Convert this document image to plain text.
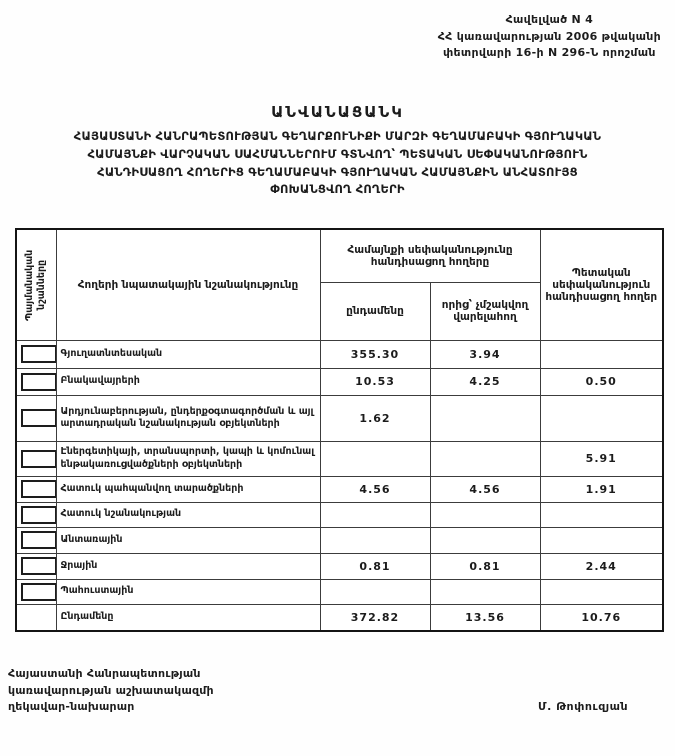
Հավելված N 4
ՀՀ կառավարության 2006 թվականի
փետրվարի 16-ի N 296-Ն որոշման
ԱՆՎԱՆԱՑԱՆԿ
ՀԱՅԱՍՏԱՆԻ ՀԱՆՐԱՊԵՏՈՒԹՅԱՆ ԳԵՂԱՐՔՈՒՆԻՔԻ ՄԱՐԶԻ ԳԵՂԱՄԱԲԱԿԻ ԳՅՈՒՂԱԿԱՆ
ՀԱՄԱՅՆՔԻ ՎԱՐՉԱԿԱՆ ՍԱՀՄԱՆՆԵՐՈՒՄ ԳՏՆՎՈՂ՝ ՊԵՏԱԿԱՆ ՍԵՓԱԿԱՆՈՒԹՅՈՒՆ
ՀԱՆԴԻՍԱՑՈՂ ՀՈՂԵՐԻՑ ԳԵՂԱՄԱԲԱԿԻ ԳՅՈՒՂԱԿԱՆ ՀԱՄԱՅՆՔԻՆ ԱՆՀԱՏՈՒՅՑ
ՓՈԽԱՆՑՎՈՂ ՀՈՂԵՐԻ
Պայմանական նշանները	Հողերի նպատակային նշանակությունը	Համայնքի սեփականությունը հանդիսացող հողերը		Պետական սեփականություն հանդիսացող հողեր
		ընդամենը	որից՝ չմշակվող վարելահող	

	Գյուղատնտեսական	355.30	3.94	

	Բնակավայրերի	10.53	4.25	0.50

	Արդյունաբերության, ընդերքօգտագործման և այլ արտադրական նշանակության օբյեկտների	1.62		

	Էներգետիկայի, տրանսպորտի, կապի և կոմունալ ենթակառուցվածքների օբյեկտների			5.91

	Հատուկ պահպանվող տարածքների	4.56	4.56	1.91

	Հատուկ նշանակության			

	Անտառային			

	Ջրային	0.81	0.81	2.44

	Պահուստային			
	Ընդամենը	372.82	13.56	10.76
Հայաստանի Հանրապետության
կառավարության աշխատակազմի
ղեկավար-նախարար	Մ. Թոփուզյան
